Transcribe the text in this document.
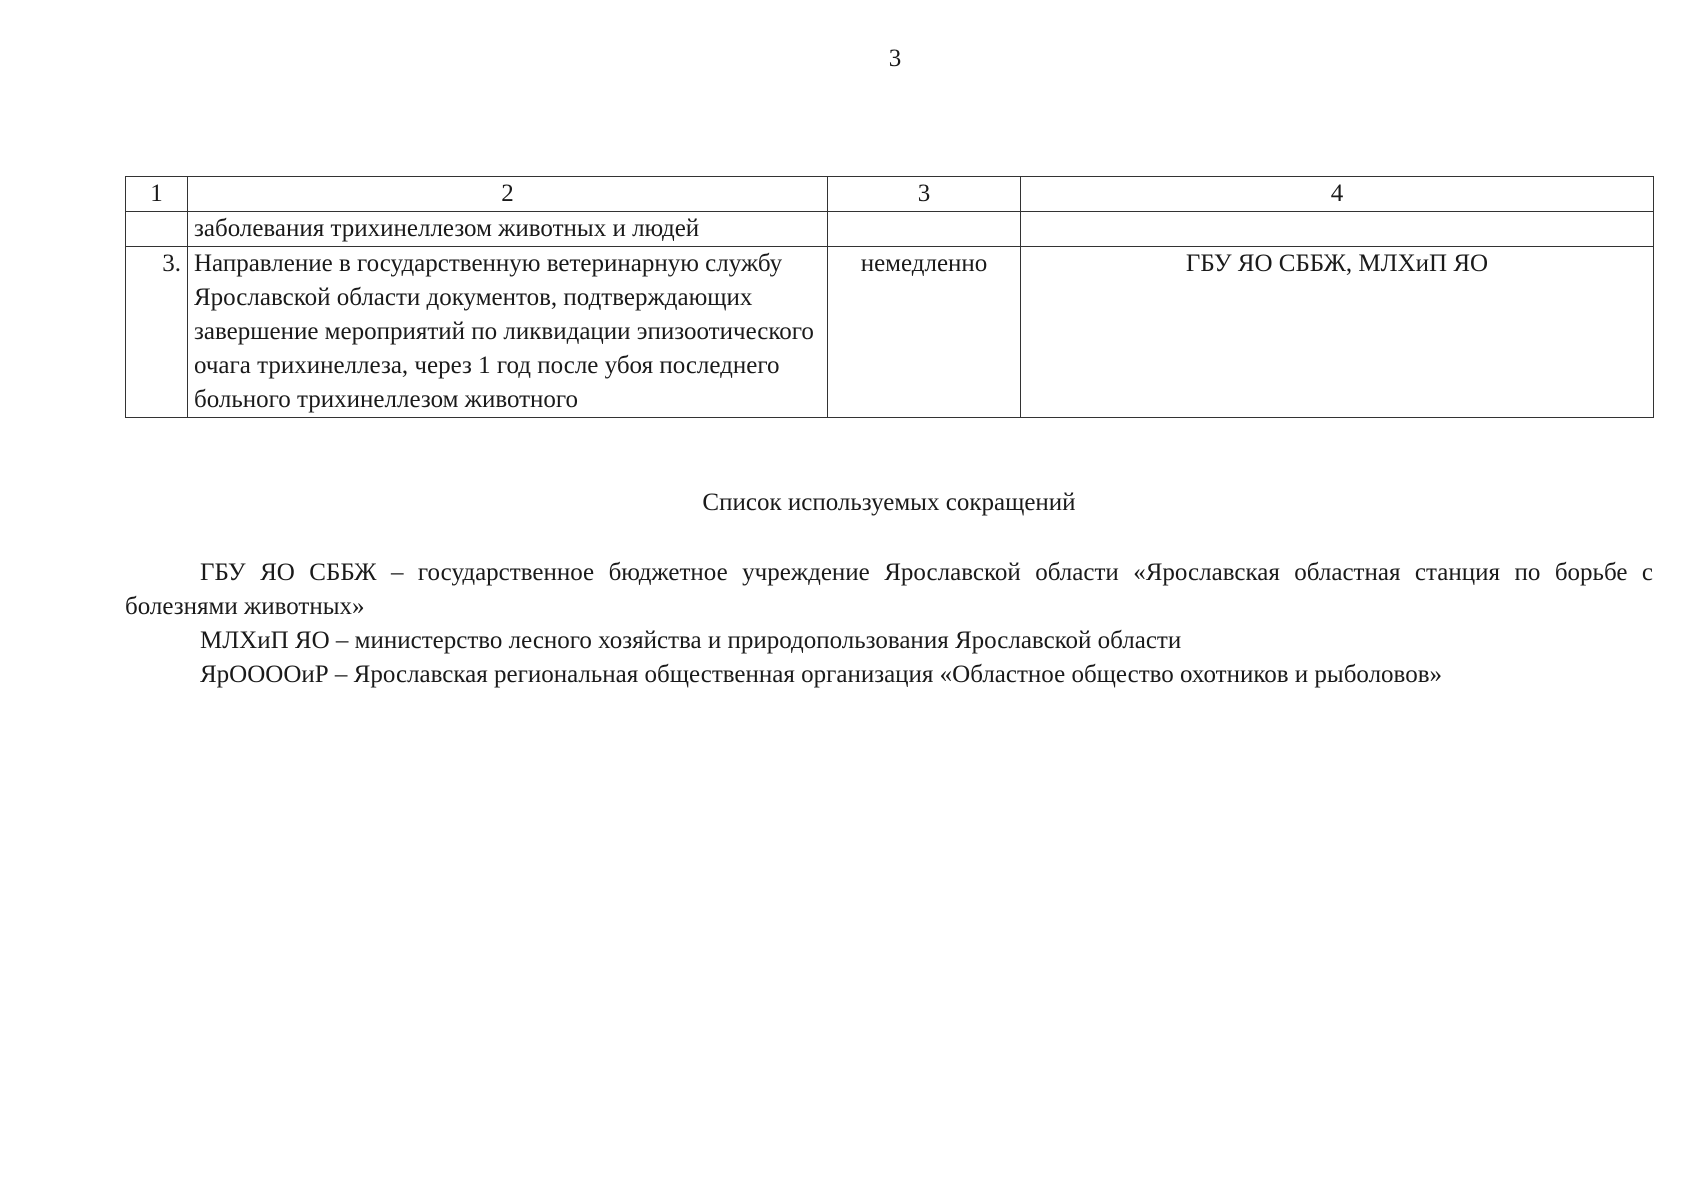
3
1	2	3	4
	заболевания трихинеллезом животных и людей		
3.	Направление в государственную ветеринарную службу Ярославской области документов, подтверждающих завершение мероприятий по ликвидации эпизоотического очага трихинеллеза, через 1 год после убоя последнего больного трихинеллезом животного	немедленно	ГБУ ЯО СББЖ, МЛХиП ЯО
Список используемых сокращений

ГБУ ЯО СББЖ – государственное бюджетное учреждение Ярославской области «Ярославская областная станция по борьбе с болезнями животных»

МЛХиП ЯО – министерство лесного хозяйства и природопользования Ярославской области

ЯрООООиР – Ярославская региональная общественная организация «Областное общество охотников и рыболовов»
